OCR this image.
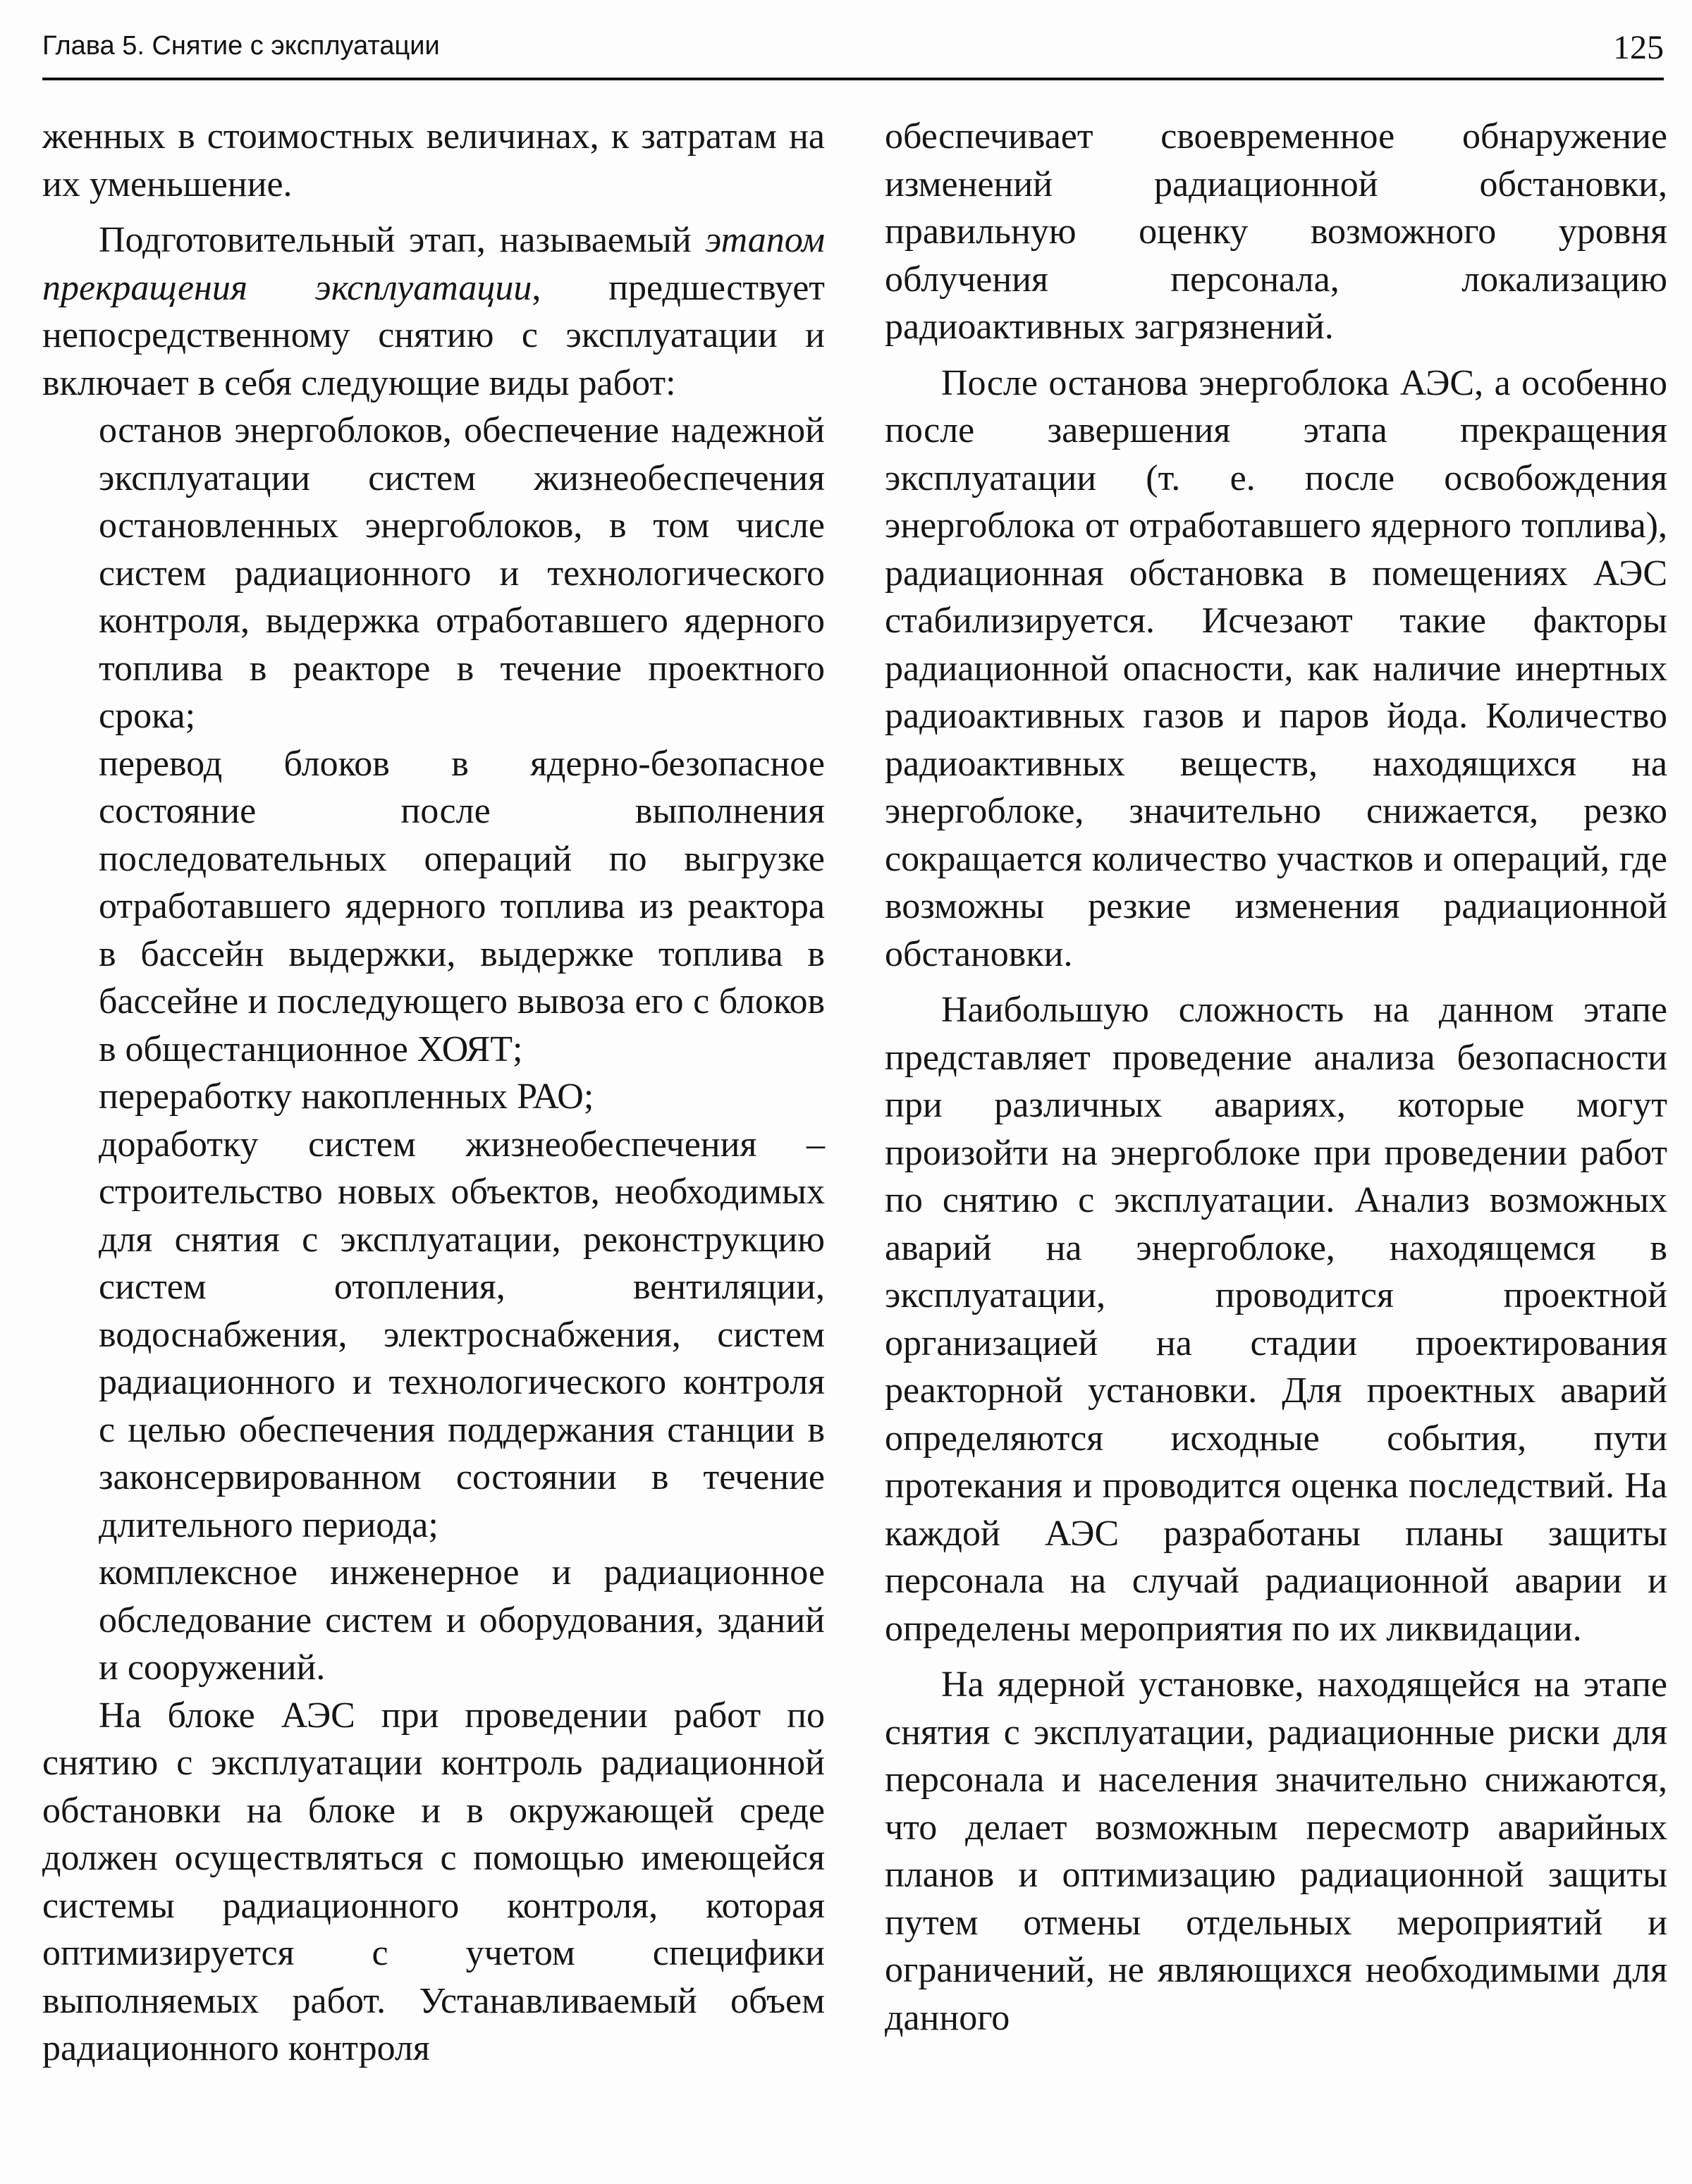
Глава 5. Снятие с эксплуатации	125

женных в стоимостных величинах, к затратам на их уменьшение.

Подготовительный этап, называемый этапом прекращения эксплуатации, предшествует непосредственному снятию с эксплуатации и включает в себя следующие виды работ:

останов энергоблоков, обеспечение надежной эксплуатации систем жизнеобеспечения остановленных энергоблоков, в том числе систем радиационного и технологического контроля, выдержка отработавшего ядерного топлива в реакторе в течение проектного срока;

перевод блоков в ядерно-безопасное состояние после выполнения последовательных операций по выгрузке отработавшего ядерного топлива из реактора в бассейн выдержки, выдержке топлива в бассейне и последующего вывоза его с блоков в общестанционное ХОЯТ;

переработку накопленных РАО;

доработку систем жизнеобеспечения – строительство новых объектов, необходимых для снятия с эксплуатации, реконструкцию систем отопления, вентиляции, водоснабжения, электроснабжения, систем радиационного и технологического контроля с целью обеспечения поддержания станции в законсервированном состоянии в течение длительного периода;

комплексное инженерное и радиационное обследование систем и оборудования, зданий и сооружений.

На блоке АЭС при проведении работ по снятию с эксплуатации контроль радиационной обстановки на блоке и в окружающей среде должен осуществляться с помощью имеющейся системы радиационного контроля, которая оптимизируется с учетом специфики выполняемых работ. Устанавливаемый объем радиационного контроля

обеспечивает своевременное обнаружение изменений радиационной обстановки, правильную оценку возможного уровня облучения персонала, локализацию радиоактивных загрязнений.

После останова энергоблока АЭС, а особенно после завершения этапа прекращения эксплуатации (т. е. после освобождения энергоблока от отработавшего ядерного топлива), радиационная обстановка в помещениях АЭС стабилизируется. Исчезают такие факторы радиационной опасности, как наличие инертных радиоактивных газов и паров йода. Количество радиоактивных веществ, находящихся на энергоблоке, значительно снижается, резко сокращается количество участков и операций, где возможны резкие изменения радиационной обстановки.

Наибольшую сложность на данном этапе представляет проведение анализа безопасности при различных авариях, которые могут произойти на энергоблоке при проведении работ по снятию с эксплуатации. Анализ возможных аварий на энергоблоке, находящемся в эксплуатации, проводится проектной организацией на стадии проектирования реакторной установки. Для проектных аварий определяются исходные события, пути протекания и проводится оценка последствий. На каждой АЭС разработаны планы защиты персонала на случай радиационной аварии и определены мероприятия по их ликвидации.

На ядерной установке, находящейся на этапе снятия с эксплуатации, радиационные риски для персонала и населения значительно снижаются, что делает возможным пересмотр аварийных планов и оптимизацию радиационной защиты путем отмены отдельных мероприятий и ограничений, не являющихся необходимыми для данного
